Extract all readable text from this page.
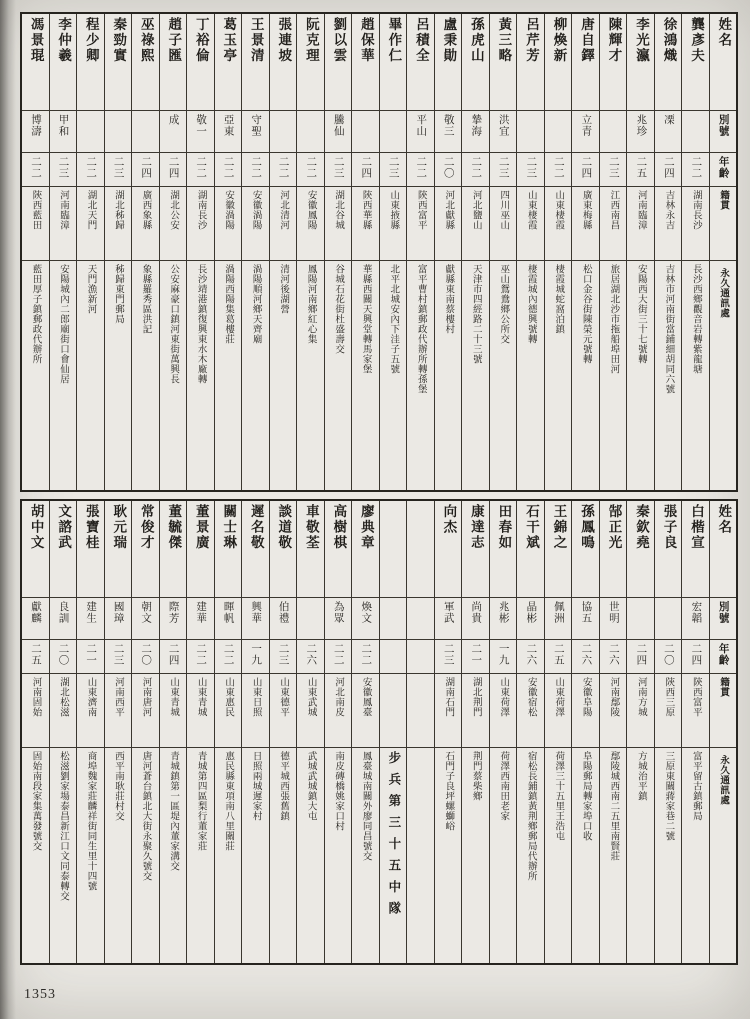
姓名
別號
年齡
籍貫
永久通訊處
龔彥夫
二二
湖南長沙
長沙西鄉觀音岩轉紫龍塘
徐鴻熾
凓
二四
吉林永吉
吉林市河南街當鋪細胡同六號
李光瀛
兆珍
二五
河南臨漳
安陽西大街三十七號轉
陳輝才
二三
江西南昌
旅居湖北沙市拖船埠田河
唐自鐸
立青
二四
廣東梅縣
松口金谷街陳榮元號轉
柳煥新
二二
山東棲霞
棲霞城蛇窩泊鎮
呂芹芳
二三
山東棲霞
棲霞城內德興號轉
黃三略
洪宜
二三
四川巫山
巫山鴛鴦鄉公所交
孫虎山
摯海
二二
河北鹽山
天津市四經路二十三號
盧秉勛
敬三
二〇
河北獻縣
獻縣東南蔡樓村
呂積全
平山
二二
陝西富平
富平曹村鎮郵政代辦所轉孫堡
畢作仁
二三
山東掖縣
北平北城安內下洼子五號
趙保華
二四
陝西華縣
華縣西關天興堂轉馬家堡
劉以雲
騰仙
二三
湖北谷城
谷城石花街杜盛壽交
阮克理
二二
安徽鳳陽
鳳陽河南鄉紅心集
張連坡
二二
河北清河
清河後湖營
王景清
守聖
二二
安徽渦陽
渦陽順河鄉天齊廟
葛玉亭
亞東
二二
安徽渦陽
渦陽西陽集葛樓莊
丁裕倫
敬一
二二
湖南長沙
長沙靖港鎮復興東水木廠轉
趙子匯
成
二四
湖北公安
公安麻豪口鎮河東街萬興長
巫祿熙
二四
廣西象縣
象縣羅秀區洪記
秦勁實
二三
湖北秭歸
秭歸東門郵局
程少卿
二二
湖北天門
天門漁新河
李仲羲
甲和
二三
河南臨漳
安陽城內二郎廟街口會仙居
馮景琨
博濤
二二
陝西藍田
藍田厚子鎮郵政代辦所
姓名
別號
年齡
籍貫
永久通訊處
白楷宣
宏韜
二四
陝西富平
富平留古鎮郵局
張子良
二〇
陝西三原
三原東關蔣家巷二號
秦欽堯
二四
河南方城
方城治平鎮
郜正光
世明
二六
河南鄢陵
鄢陵城西南二五里南賢莊
孫鳳鳴
協五
二六
安徽阜陽
阜陽郵局轉家埠口收
王錦之
佩洲
二五
山東荷澤
荷澤三十五里王浩屯
石干斌
晶彬
二六
安徽宿松
宿松長鋪鎮黃荆鄉郵局代辦所
田春如
兆彬
一九
山東荷澤
荷澤西南田老家
康達志
尚貴
二一
湖北荆門
荆門蔡柴鄉
向杰
軍武
二三
湖南石門
石門子良坪螺螄峪
步兵第三十五中隊
廖典章
煥文
二二
安徽鳳臺
鳳臺城南關外廖同昌號交
高樹棋
為眾
二二
河北南皮
南皮磚橋姚家口村
車敬荃
二六
山東武城
武城武城鎮大屯
談道敬
伯禮
二三
山東德平
德平城西張舊鎮
遲名敬
興華
一九
山東日照
日照兩城遲家村
關士琳
暉帆
二二
山東惠民
惠民縣東項南八里關莊
董景廣
建華
二二
山東青城
青城第四區梨行董家莊
董毓傑
際芳
二四
山東青城
青城鎮第一區堤內董家溝交
常俊才
朝文
二〇
河南唐河
唐河蒼台鎮北大街永聚久號交
耿元瑞
國璋
二三
河南西平
西平南耿莊村交
張寶桂
建生
二一
山東濟南
商埠魏家莊麟祥街同生里十四號
文諮武
良訓
二〇
湖北松滋
松滋劉家場泰昌新江口文同泰轉交
胡中文
獻麟
二五
河南固始
固始南段家集萬發號交
1353
